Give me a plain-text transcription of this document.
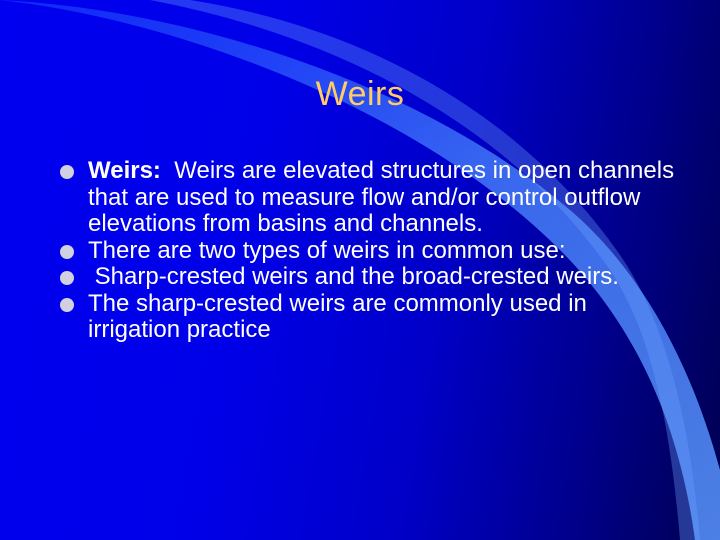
Weirs
Weirs:  Weirs are elevated structures in open channels that are used to measure flow and/or control outflow elevations from basins and channels.
There are two types of weirs in common use:
Sharp-crested weirs and the broad-crested weirs.
The sharp-crested weirs are commonly used in irrigation practice
